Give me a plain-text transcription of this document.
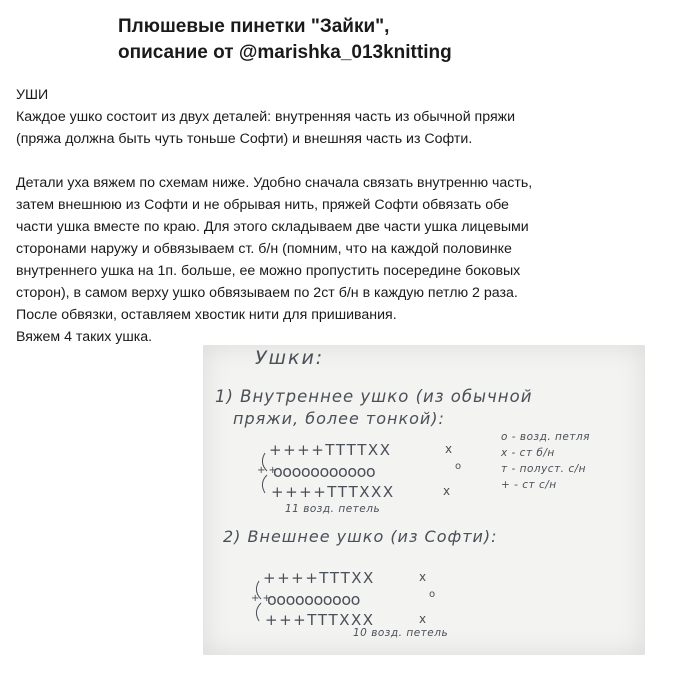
Плюшевые пинетки "Зайки",
описание от @marishka_013knitting

УШИ

Каждое ушко состоит из двух деталей: внутренняя часть из обычной пряжи
(пряжа должна быть чуть тоньше Софти) и внешняя часть из Софти.
Детали уха вяжем по схемам ниже. Удобно сначала связать внутренню часть,
затем внешнюю из Софти и не обрывая нить, пряжей Софти обвязать обе
части ушка вместе по краю. Для этого складываем две части ушка лицевыми
сторонами наружу и обвязываем ст. б/н (помним, что на каждой половинке
внутреннего ушка на 1п. больше, ее можно пропустить посередине боковых
сторон), в самом верху ушко обвязываем по 2ст б/н в каждую петлю 2 раза.
После обвязки, оставляем хвостик нити для пришивания.
Вяжем 4 таких ушка.
Ушки:
1) Внутреннее ушко (из обычной
пряжи, более тонкой):
о - возд. петля
х - ст б/н
т - полуст. с/н
+ - ст с/н
++++ТТТТХХ	х
ооооооооооо	о
++++ТТТХХХ	х
+ +
11 возд. петель
2) Внешнее ушко (из Софти):
++++ТТТХХ	х
оооооооооо	о
+++ТТТХХХ	х
+ +
10 возд. петель
